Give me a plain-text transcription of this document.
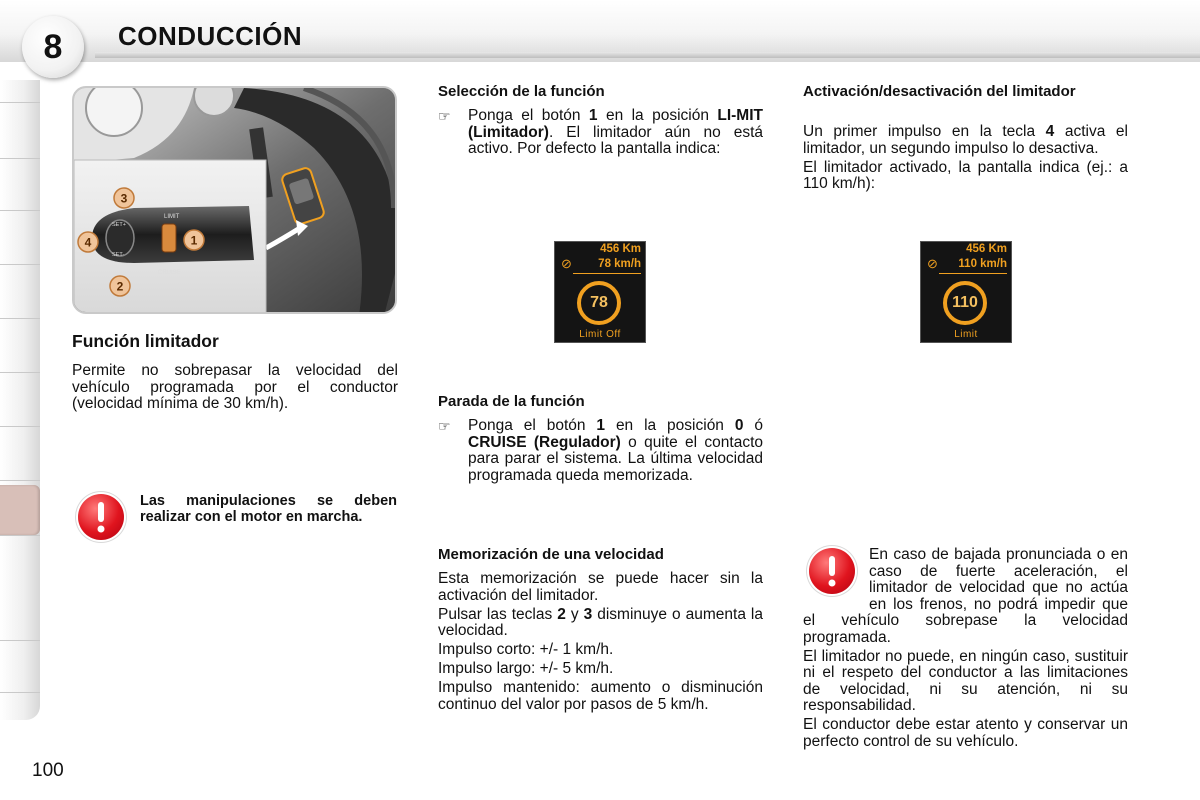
8 CONDUCCIÓN
LIMIT
CRUISE
SET+
SET-
3
4	1
2
Función limitador
Permite no sobrepasar la velocidad del vehículo programada por el conductor (velocidad mínima de 30 km/h).
Las manipulaciones se deben realizar con el motor en marcha.
Selección de la función
☞ Ponga el botón 1 en la posición LI-MIT (Limitador). El limitador aún no está activo. Por defecto la pantalla indica:
⊘
456 Km
78 km/h
78
Limit Off
Parada de la función
☞ Ponga el botón 1 en la posición 0 ó CRUISE (Regulador) o quite el contacto para parar el sistema. La última velocidad programada queda memorizada.
Memorización de una velocidad

Esta memorización se puede hacer sin la activación del limitador.

Pulsar las teclas 2 y 3 disminuye o aumenta la velocidad.

Impulso corto: +/- 1 km/h.

Impulso largo: +/- 5 km/h.

Impulso mantenido: aumento o disminución continuo del valor por pasos de 5 km/h.

Activación/desactivación del limitador

Un primer impulso en la tecla 4 activa el limitador, un segundo impulso lo desactiva.

El limitador activado, la pantalla indica (ej.: a 110 km/h):

⊘
456 Km
110 km/h
110
Limit

En caso de bajada pronunciada o en caso de fuerte aceleración, el limitador de velocidad que no actúa en los frenos, no podrá impedir que el vehículo sobrepase la velocidad programada.

El limitador no puede, en ningún caso, sustituir ni el respeto del conductor a las limitaciones de velocidad, ni su atención, ni su responsabilidad.

El conductor debe estar atento y conservar un perfecto control de su vehículo.

100
